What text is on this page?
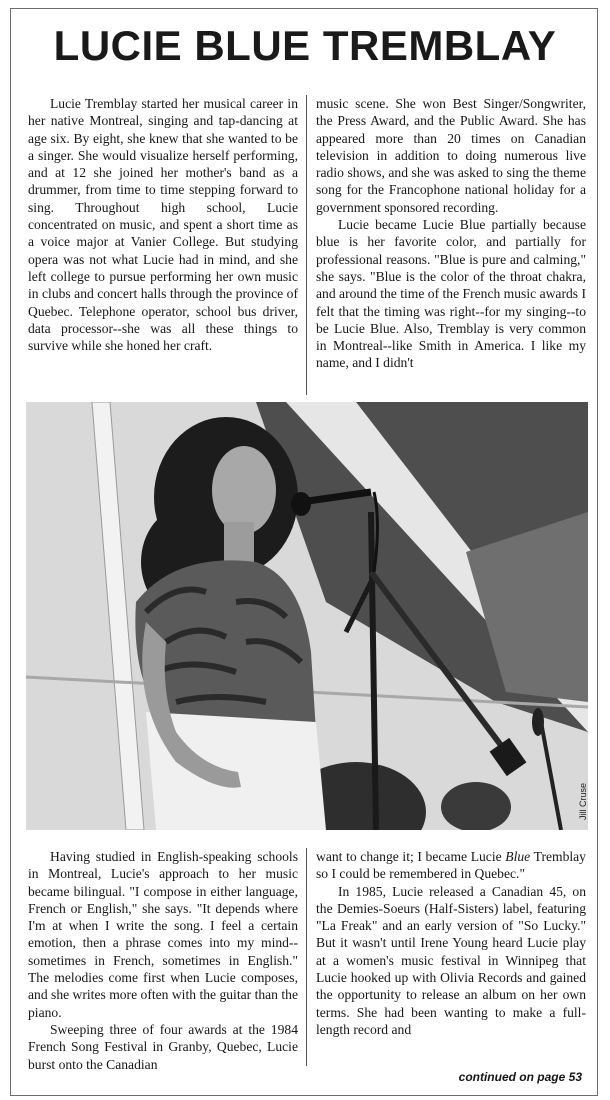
LUCIE BLUE TREMBLAY

Lucie Tremblay started her musical career in her native Montreal, singing and tap-dancing at age six. By eight, she knew that she wanted to be a singer. She would visualize herself performing, and at 12 she joined her mother's band as a drummer, from time to time stepping forward to sing. Throughout high school, Lucie concentrated on music, and spent a short time as a voice major at Vanier College. But studying opera was not what Lucie had in mind, and she left college to pursue performing her own music in clubs and concert halls through the province of Quebec. Telephone operator, school bus driver, data processor--she was all these things to survive while she honed her craft.

music scene. She won Best Singer/Songwriter, the Press Award, and the Public Award. She has appeared more than 20 times on Canadian television in addition to doing numerous live radio shows, and she was asked to sing the theme song for the Francophone national holiday for a government sponsored recording.

Lucie became Lucie Blue partially because blue is her favorite color, and partially for professional reasons. "Blue is pure and calming," she says. "Blue is the color of the throat chakra, and around the time of the French music awards I felt that the timing was right--for my singing--to be Lucie Blue. Also, Tremblay is very common in Montreal--like Smith in America. I like my name, and I didn't

Jill Cruse

Having studied in English-speaking schools in Montreal, Lucie's approach to her music became bilingual. "I compose in either language, French or English," she says. "It depends where I'm at when I write the song. I feel a certain emotion, then a phrase comes into my mind--sometimes in French, sometimes in English." The melodies come first when Lucie composes, and she writes more often with the guitar than the piano.

Sweeping three of four awards at the 1984 French Song Festival in Granby, Quebec, Lucie burst onto the Canadian

want to change it; I became Lucie Blue Tremblay so I could be remembered in Quebec."

In 1985, Lucie released a Canadian 45, on the Demies-Soeurs (Half-Sisters) label, featuring "La Freak" and an early version of "So Lucky." But it wasn't until Irene Young heard Lucie play at a women's music festival in Winnipeg that Lucie hooked up with Olivia Records and gained the opportunity to release an album on her own terms. She had been wanting to make a full-length record and

continued on page 53
